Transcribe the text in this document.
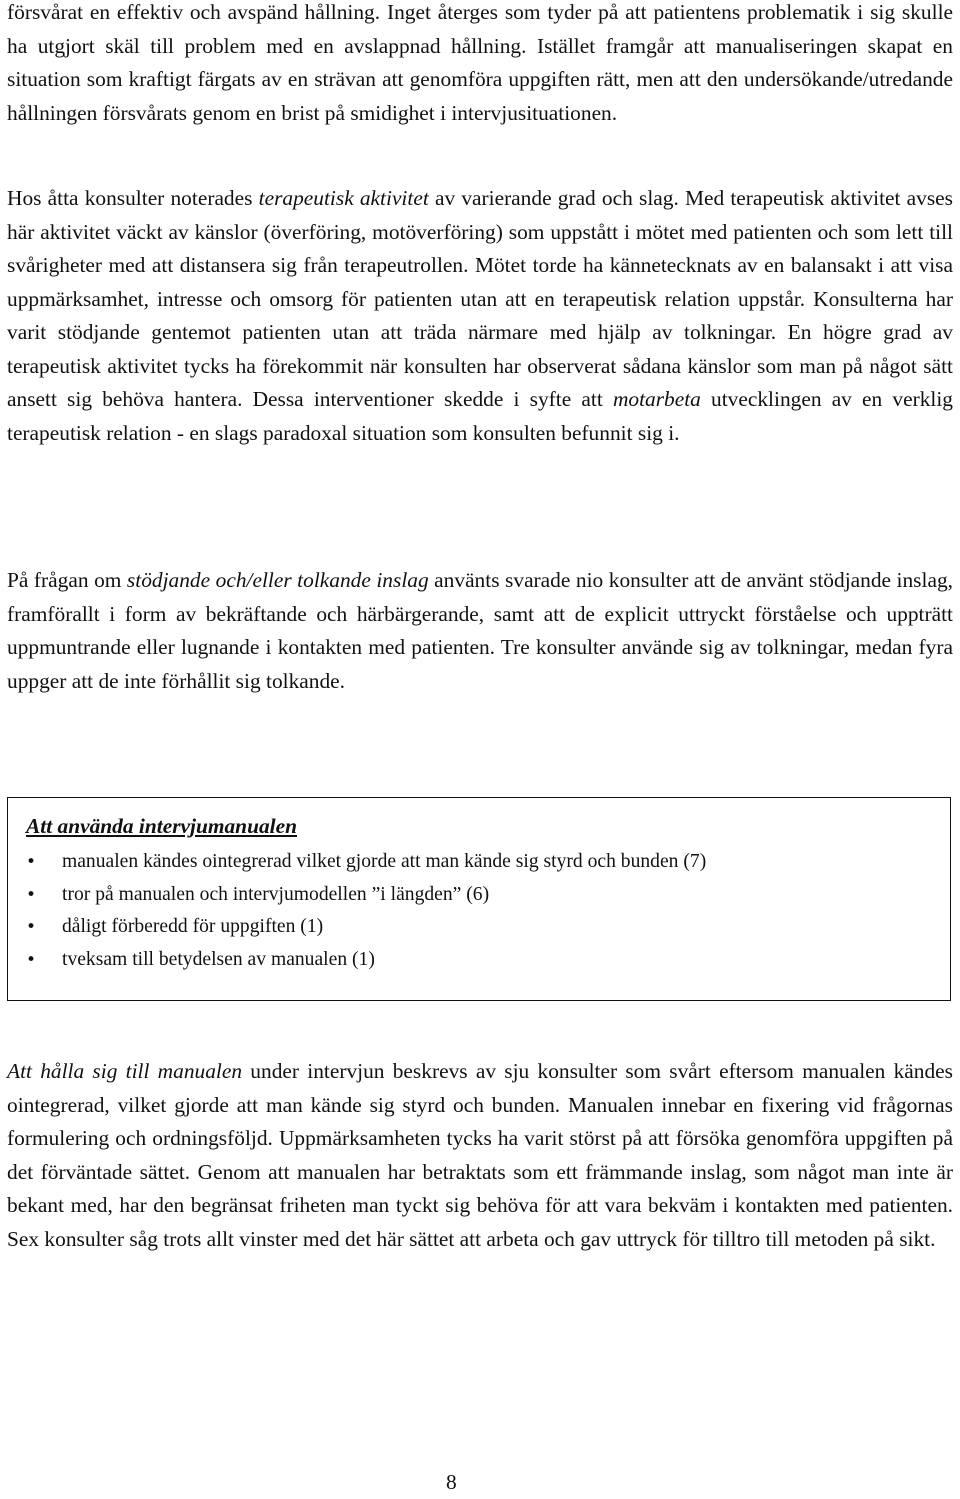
försvårat en effektiv och avspänd hållning. Inget återges som tyder på att patientens problematik i sig skulle ha utgjort skäl till problem med en avslappnad hållning. Istället framgår att manualiseringen skapat en situation som kraftigt färgats av en strävan att genomföra uppgiften rätt, men att den undersökande/utredande hållningen försvårats genom en brist på smidighet i intervjusituationen.

Hos åtta konsulter noterades terapeutisk aktivitet av varierande grad och slag. Med terapeutisk aktivitet avses här aktivitet väckt av känslor (överföring, motöverföring) som uppstått i mötet med patienten och som lett till svårigheter med att distansera sig från terapeutrollen. Mötet torde ha kännetecknats av en balansakt i att visa uppmärksamhet, intresse och omsorg för patienten utan att en terapeutisk relation uppstår. Konsulterna har varit stödjande gentemot patienten utan att träda närmare med hjälp av tolkningar. En högre grad av terapeutisk aktivitet tycks ha förekommit när konsulten har observerat sådana känslor som man på något sätt ansett sig behöva hantera. Dessa interventioner skedde i syfte att motarbeta utvecklingen av en verklig terapeutisk relation - en slags paradoxal situation som konsulten befunnit sig i.

På frågan om stödjande och/eller tolkande inslag använts svarade nio konsulter att de använt stödjande inslag, framförallt i form av bekräftande och härbärgerande, samt att de explicit uttryckt förståelse och uppträtt uppmuntrande eller lugnande i kontakten med patienten. Tre konsulter använde sig av tolkningar, medan fyra uppger att de inte förhållit sig tolkande.

Att använda intervjumanualen
•manualen kändes ointegrerad vilket gjorde att man kände sig styrd och bunden (7)
•tror på manualen och intervjumodellen ”i längden” (6)
•dåligt förberedd för uppgiften (1)
•tveksam till betydelsen av manualen (1)

Att hålla sig till manualen under intervjun beskrevs av sju konsulter som svårt eftersom manualen kändes ointegrerad, vilket gjorde att man kände sig styrd och bunden. Manualen innebar en fixering vid frågornas formulering och ordningsföljd. Uppmärksamheten tycks ha varit störst på att försöka genomföra uppgiften på det förväntade sättet. Genom att manualen har betraktats som ett främmande inslag, som något man inte är bekant med, har den begränsat friheten man tyckt sig behöva för att vara bekväm i kontakten med patienten. Sex konsulter såg trots allt vinster med det här sättet att arbeta och gav uttryck för tilltro till metoden på sikt.

8
